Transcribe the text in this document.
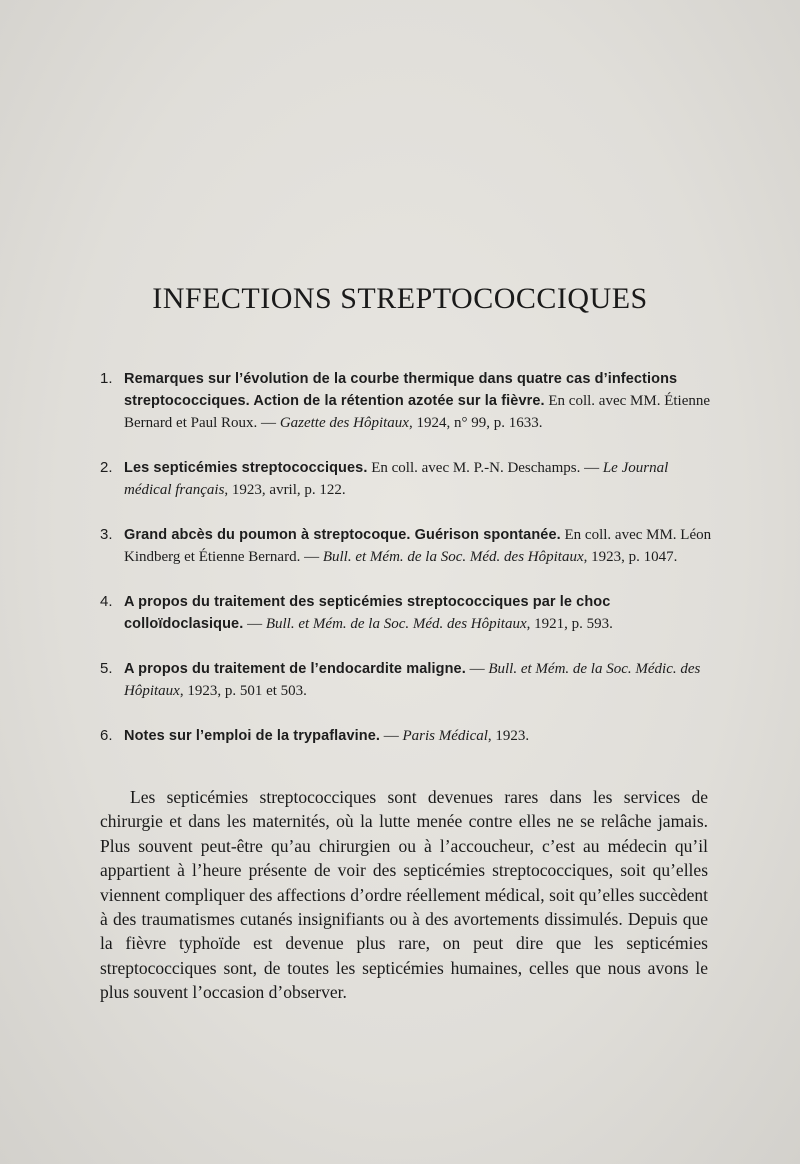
INFECTIONS STREPTOCOCCIQUES
1. Remarques sur l’évolution de la courbe thermique dans quatre cas d’infections streptococciques. Action de la rétention azotée sur la fièvre. En coll. avec MM. Étienne Bernard et Paul Roux. — Gazette des Hôpitaux, 1924, n° 99, p. 1633.
2. Les septicémies streptococciques. En coll. avec M. P.-N. Deschamps. — Le Journal médical français, 1923, avril, p. 122.
3. Grand abcès du poumon à streptocoque. Guérison spontanée. En coll. avec MM. Léon Kindberg et Étienne Bernard. — Bull. et Mém. de la Soc. Méd. des Hôpitaux, 1923, p. 1047.
4. A propos du traitement des septicémies streptococciques par le choc colloïdoclasique. — Bull. et Mém. de la Soc. Méd. des Hôpitaux, 1921, p. 593.
5. A propos du traitement de l’endocardite maligne. — Bull. et Mém. de la Soc. Médic. des Hôpitaux, 1923, p. 501 et 503.
6. Notes sur l’emploi de la trypaflavine. — Paris Médical, 1923.

Les septicémies streptococciques sont devenues rares dans les services de chirurgie et dans les maternités, où la lutte menée contre elles ne se relâche jamais. Plus souvent peut-être qu’au chirurgien ou à l’accoucheur, c’est au médecin qu’il appartient à l’heure présente de voir des septicémies streptococciques, soit qu’elles viennent compliquer des affections d’ordre réellement médical, soit qu’elles succèdent à des traumatismes cutanés insignifiants ou à des avortements dissimulés. Depuis que la fièvre typhoïde est devenue plus rare, on peut dire que les septicémies streptococciques sont, de toutes les septicémies humaines, celles que nous avons le plus souvent l’occasion d’observer.
